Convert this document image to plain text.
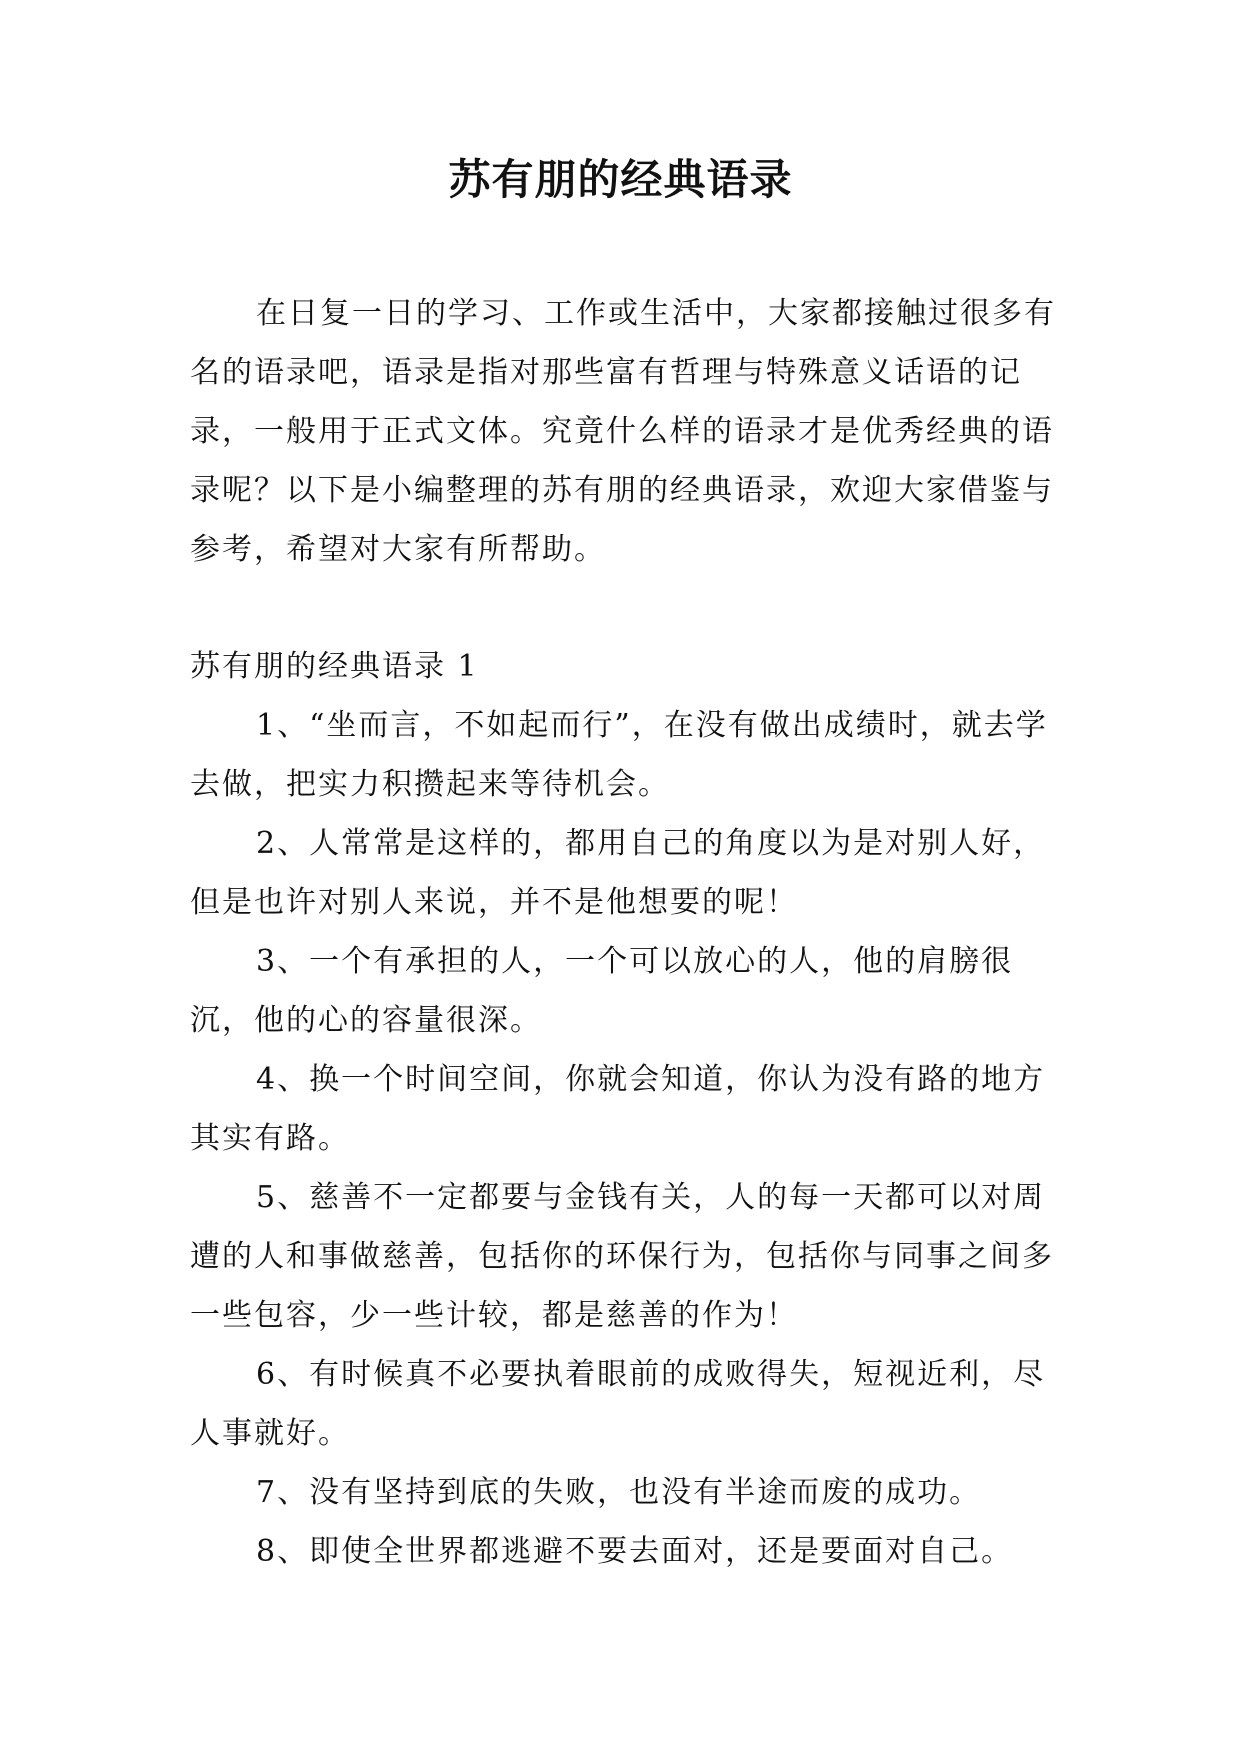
苏有朋的经典语录

在日复一日的学习、工作或生活中，大家都接触过很多有名的语录吧，语录是指对那些富有哲理与特殊意义话语的记录，一般用于正式文体。究竟什么样的语录才是优秀经典的语录呢？以下是小编整理的苏有朋的经典语录，欢迎大家借鉴与参考，希望对大家有所帮助。

苏有朋的经典语录 1
1、“坐而言，不如起而行”，在没有做出成绩时，就去学去做，把实力积攒起来等待机会。
2、人常常是这样的，都用自己的角度以为是对别人好，但是也许对别人来说，并不是他想要的呢！
3、一个有承担的人，一个可以放心的人，他的肩膀很沉，他的心的容量很深。
4、换一个时间空间，你就会知道，你认为没有路的地方其实有路。
5、慈善不一定都要与金钱有关，人的每一天都可以对周遭的人和事做慈善，包括你的环保行为，包括你与同事之间多一些包容，少一些计较，都是慈善的作为！
6、有时候真不必要执着眼前的成败得失，短视近利，尽人事就好。
7、没有坚持到底的失败，也没有半途而废的成功。
8、即使全世界都逃避不要去面对，还是要面对自己。
